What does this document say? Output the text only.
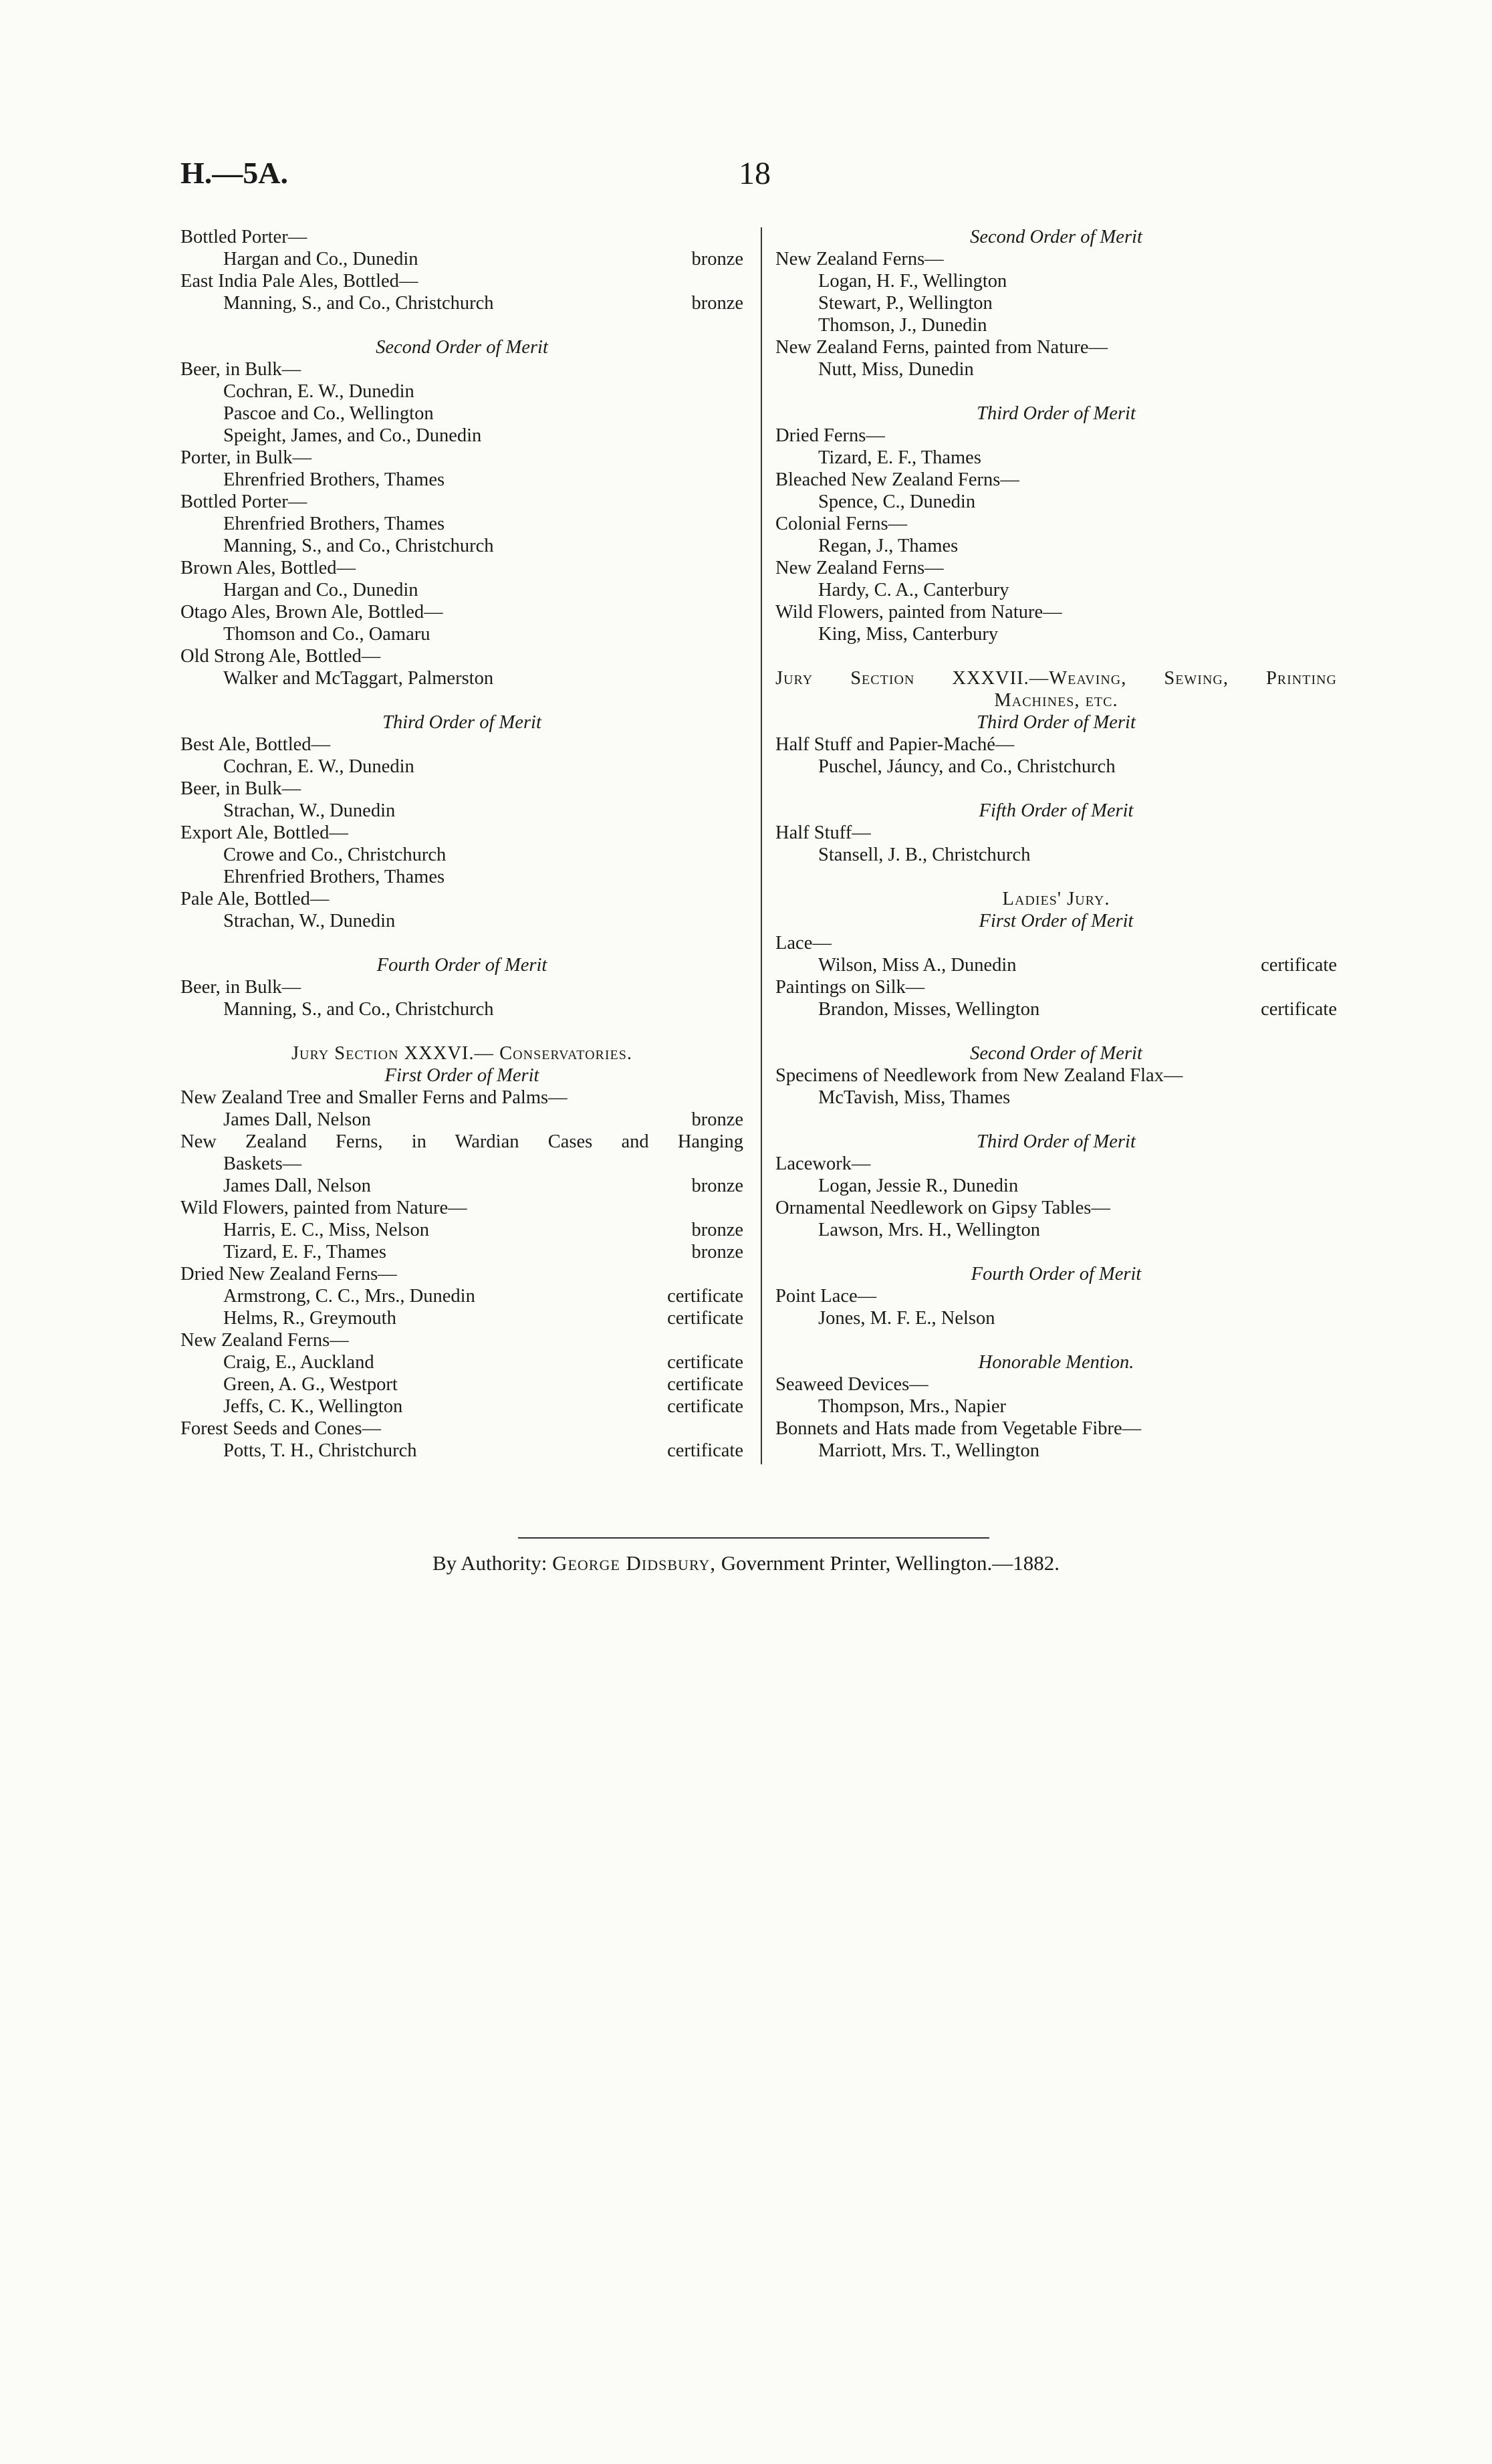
H.—5A.	18
Bottled Porter—
Hargan and Co., Dunedin	bronze
East India Pale Ales, Bottled—
Manning, S., and Co., Christchurch	bronze
Second Order of Merit
Beer, in Bulk—
Cochran, E. W., Dunedin
Pascoe and Co., Wellington
Speight, James, and Co., Dunedin
Porter, in Bulk—
Ehrenfried Brothers, Thames
Bottled Porter—
Ehrenfried Brothers, Thames
Manning, S., and Co., Christchurch
Brown Ales, Bottled—
Hargan and Co., Dunedin
Otago Ales, Brown Ale, Bottled—
Thomson and Co., Oamaru
Old Strong Ale, Bottled—
Walker and McTaggart, Palmerston
Third Order of Merit
Best Ale, Bottled—
Cochran, E. W., Dunedin
Beer, in Bulk—
Strachan, W., Dunedin
Export Ale, Bottled—
Crowe and Co., Christchurch
Ehrenfried Brothers, Thames
Pale Ale, Bottled—
Strachan, W., Dunedin
Fourth Order of Merit
Beer, in Bulk—
Manning, S., and Co., Christchurch
Jury Section XXXVI.— Conservatories.
First Order of Merit
New Zealand Tree and Smaller Ferns and Palms—
James Dall, Nelson	bronze
New Zealand Ferns, in Wardian Cases and Hanging
Baskets—
James Dall, Nelson	bronze
Wild Flowers, painted from Nature—
Harris, E. C., Miss, Nelson	bronze
Tizard, E. F., Thames	bronze
Dried New Zealand Ferns—
Armstrong, C. C., Mrs., Dunedin	certificate
Helms, R., Greymouth	certificate
New Zealand Ferns—
Craig, E., Auckland	certificate
Green, A. G., Westport	certificate
Jeffs, C. K., Wellington	certificate
Forest Seeds and Cones—
Potts, T. H., Christchurch	certificate
Second Order of Merit
New Zealand Ferns—
Logan, H. F., Wellington
Stewart, P., Wellington
Thomson, J., Dunedin
New Zealand Ferns, painted from Nature—
Nutt, Miss, Dunedin
Third Order of Merit
Dried Ferns—
Tizard, E. F., Thames
Bleached New Zealand Ferns—
Spence, C., Dunedin
Colonial Ferns—
Regan, J., Thames
New Zealand Ferns—
Hardy, C. A., Canterbury
Wild Flowers, painted from Nature—
King, Miss, Canterbury
Jury Section XXXVII.—Weaving, Sewing, Printing
Machines, etc.
Third Order of Merit
Half Stuff and Papier-Maché—
Puschel, Jáuncy, and Co., Christchurch
Fifth Order of Merit
Half Stuff—
Stansell, J. B., Christchurch
Ladies' Jury.
First Order of Merit
Lace—
Wilson, Miss A., Dunedin	certificate
Paintings on Silk—
Brandon, Misses, Wellington	certificate
Second Order of Merit
Specimens of Needlework from New Zealand Flax—
McTavish, Miss, Thames
Third Order of Merit
Lacework—
Logan, Jessie R., Dunedin
Ornamental Needlework on Gipsy Tables—
Lawson, Mrs. H., Wellington
Fourth Order of Merit
Point Lace—
Jones, M. F. E., Nelson
Honorable Mention.
Seaweed Devices—
Thompson, Mrs., Napier
Bonnets and Hats made from Vegetable Fibre—
Marriott, Mrs. T., Wellington
By Authority: George Didsbury, Government Printer, Wellington.—1882.
